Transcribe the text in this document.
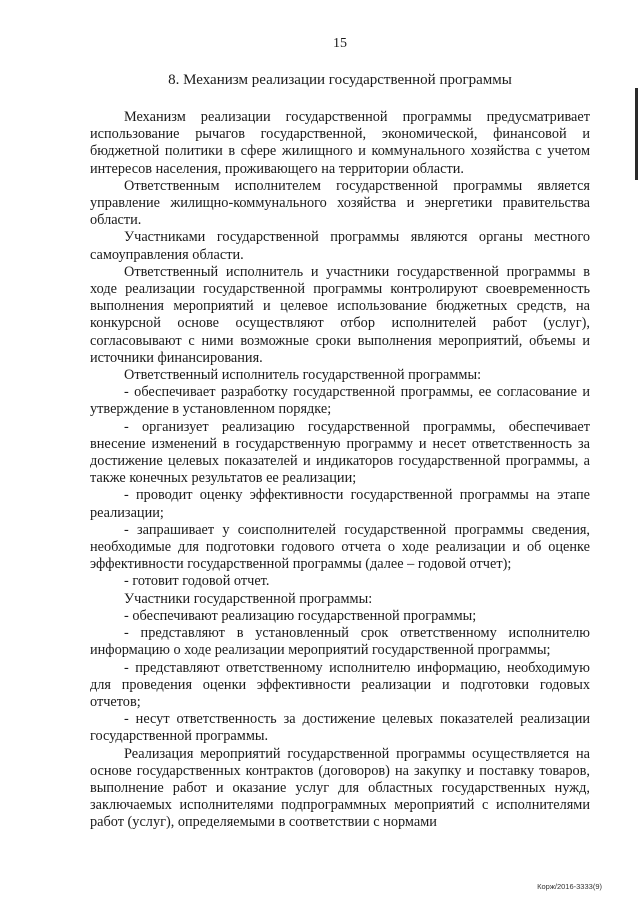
15
8. Механизм реализации государственной программы

Механизм реализации государственной программы предусматривает использование рычагов государственной, экономической, финансовой и бюджетной политики в сфере жилищного и коммунального хозяйства с учетом интересов населения, проживающего на территории области.

Ответственным исполнителем государственной программы является управление жилищно-коммунального хозяйства и энергетики правительства области.

Участниками государственной программы являются органы местного самоуправления области.

Ответственный исполнитель и участники государственной программы в ходе реализации государственной программы контролируют своевременность выполнения мероприятий и целевое использование бюджетных средств, на конкурсной основе осуществляют отбор исполнителей работ (услуг), согласовывают с ними возможные сроки выполнения мероприятий, объемы и источники финансирования.

Ответственный исполнитель государственной программы:

- обеспечивает разработку государственной программы, ее согласование и утверждение в установленном порядке;

- организует реализацию государственной программы, обеспечивает внесение изменений в государственную программу и несет ответственность за достижение целевых показателей и индикаторов государственной программы, а также конечных результатов ее реализации;

- проводит оценку эффективности государственной программы на этапе реализации;

- запрашивает у соисполнителей государственной программы сведения, необходимые для подготовки годового отчета о ходе реализации и об оценке эффективности государственной программы (далее – годовой отчет);

- готовит годовой отчет.

Участники государственной программы:

- обеспечивают реализацию государственной программы;

- представляют в установленный срок ответственному исполнителю информацию о ходе реализации мероприятий государственной программы;

- представляют ответственному исполнителю информацию, необходимую для проведения оценки эффективности реализации и подготовки годовых отчетов;

- несут ответственность за достижение целевых показателей реализации государственной программы.

Реализация мероприятий государственной программы осуществляется на основе государственных контрактов (договоров) на закупку и поставку товаров, выполнение работ и оказание услуг для областных государственных нужд, заключаемых исполнителями подпрограммных мероприятий с исполнителями работ (услуг), определяемыми в соответствии с нормами

Корж/2016-3333(9)
